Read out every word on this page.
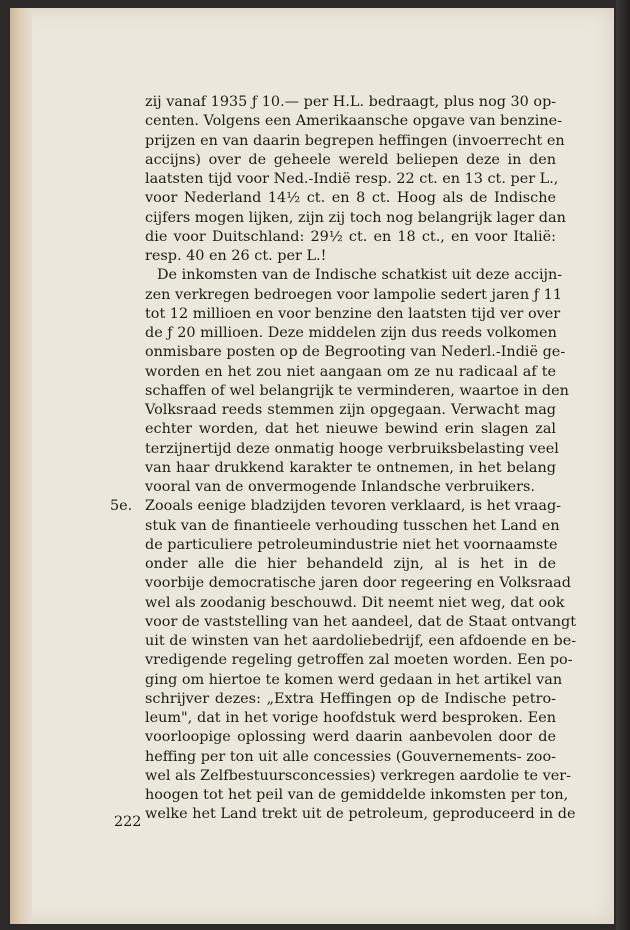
zij vanaf 1935 ƒ 10.— per H.L. bedraagt, plus nog 30 op-
centen. Volgens een Amerikaansche opgave van benzine-
prijzen en van daarin begrepen heffingen (invoerrecht en
accijns) over de geheele wereld beliepen deze in den
laatsten tijd voor Ned.-Indië resp. 22 ct. en 13 ct. per L.,
voor Nederland 14½ ct. en 8 ct. Hoog als de Indische
cijfers mogen lijken, zijn zij toch nog belangrijk lager dan
die voor Duitschland: 29½ ct. en 18 ct., en voor Italië:
resp. 40 en 26 ct. per L.!
De inkomsten van de Indische schatkist uit deze accijn-
zen verkregen bedroegen voor lampolie sedert jaren ƒ 11
tot 12 millioen en voor benzine den laatsten tijd ver over
de ƒ 20 millioen. Deze middelen zijn dus reeds volkomen
onmisbare posten op de Begrooting van Nederl.-Indië ge-
worden en het zou niet aangaan om ze nu radicaal af te
schaffen of wel belangrijk te verminderen, waartoe in den
Volksraad reeds stemmen zijn opgegaan. Verwacht mag
echter worden, dat het nieuwe bewind erin slagen zal
terzijnertijd deze onmatig hooge verbruiksbelasting veel
van haar drukkend karakter te ontnemen, in het belang
vooral van de onvermogende Inlandsche verbruikers.
5e. Zooals eenige bladzijden tevoren verklaard, is het vraag-
stuk van de finantieele verhouding tusschen het Land en
de particuliere petroleumindustrie niet het voornaamste
onder alle die hier behandeld zijn, al is het in de
voorbije democratische jaren door regeering en Volksraad
wel als zoodanig beschouwd. Dit neemt niet weg, dat ook
voor de vaststelling van het aandeel, dat de Staat ontvangt
uit de winsten van het aardoliebedrijf, een afdoende en be-
vredigende regeling getroffen zal moeten worden. Een po-
ging om hiertoe te komen werd gedaan in het artikel van
schrijver dezes: „Extra Heffingen op de Indische petro-
leum", dat in het vorige hoofdstuk werd besproken. Een
voorloopige oplossing werd daarin aanbevolen door de
heffing per ton uit alle concessies (Gouvernements- zoo-
wel als Zelfbestuursconcessies) verkregen aardolie te ver-
hoogen tot het peil van de gemiddelde inkomsten per ton,
welke het Land trekt uit de petroleum, geproduceerd in de
222
